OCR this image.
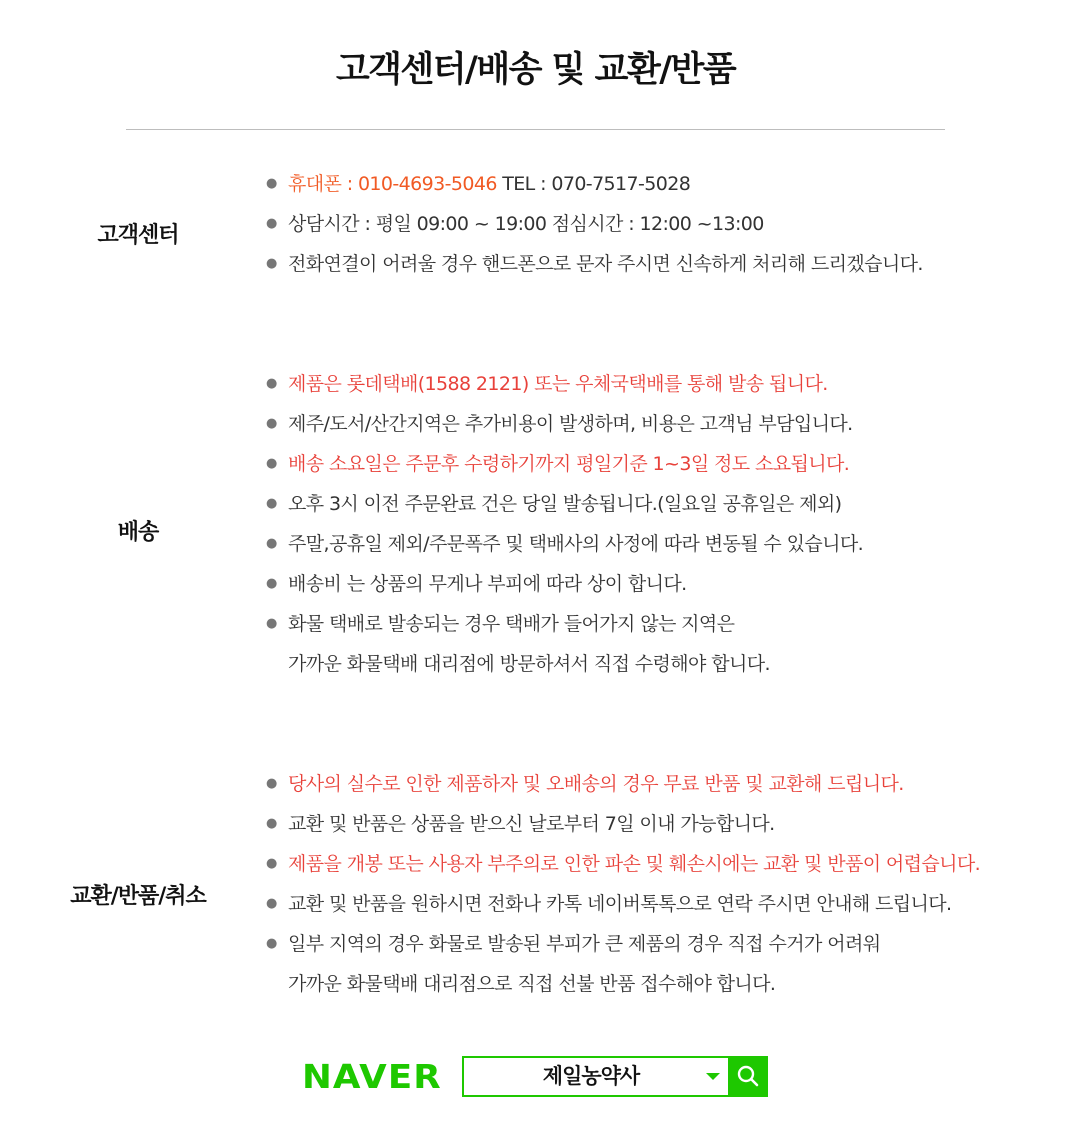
고객센터/배송 및 교환/반품
고객센터
● 휴대폰 : 010-4693-5046 TEL : 070-7517-5028
● 상담시간 : 평일 09:00 ~ 19:00 점심시간 : 12:00 ~13:00
● 전화연결이 어려울 경우 핸드폰으로 문자 주시면 신속하게 처리해 드리겠습니다.
배송
● 제품은 롯데택배(1588 2121) 또는 우체국택배를 통해 발송 됩니다.
● 제주/도서/산간지역은 추가비용이 발생하며, 비용은 고객님 부담입니다.
● 배송 소요일은 주문후 수령하기까지 평일기준 1~3일 정도 소요됩니다.
● 오후 3시 이전 주문완료 건은 당일 발송됩니다.(일요일 공휴일은 제외)
● 주말,공휴일 제외/주문폭주 및 택배사의 사정에 따라 변동될 수 있습니다.
● 배송비 는 상품의 무게나 부피에 따라 상이 합니다.
● 화물 택배로 발송되는 경우 택배가 들어가지 않는 지역은
가까운 화물택배 대리점에 방문하셔서 직접 수령해야 합니다.
교환/반품/취소
● 당사의 실수로 인한 제품하자 및 오배송의 경우 무료 반품 및 교환해 드립니다.
● 교환 및 반품은 상품을 받으신 날로부터 7일 이내 가능합니다.
● 제품을 개봉 또는 사용자 부주의로 인한 파손 및 훼손시에는 교환 및 반품이 어렵습니다.
● 교환 및 반품을 원하시면 전화나 카톡 네이버톡톡으로 연락 주시면 안내해 드립니다.
● 일부 지역의 경우 화물로 발송된 부피가 큰 제품의 경우 직접 수거가 어려워
가까운 화물택배 대리점으로 직접 선불 반품 접수해야 합니다.
NAVER	제일농약사
